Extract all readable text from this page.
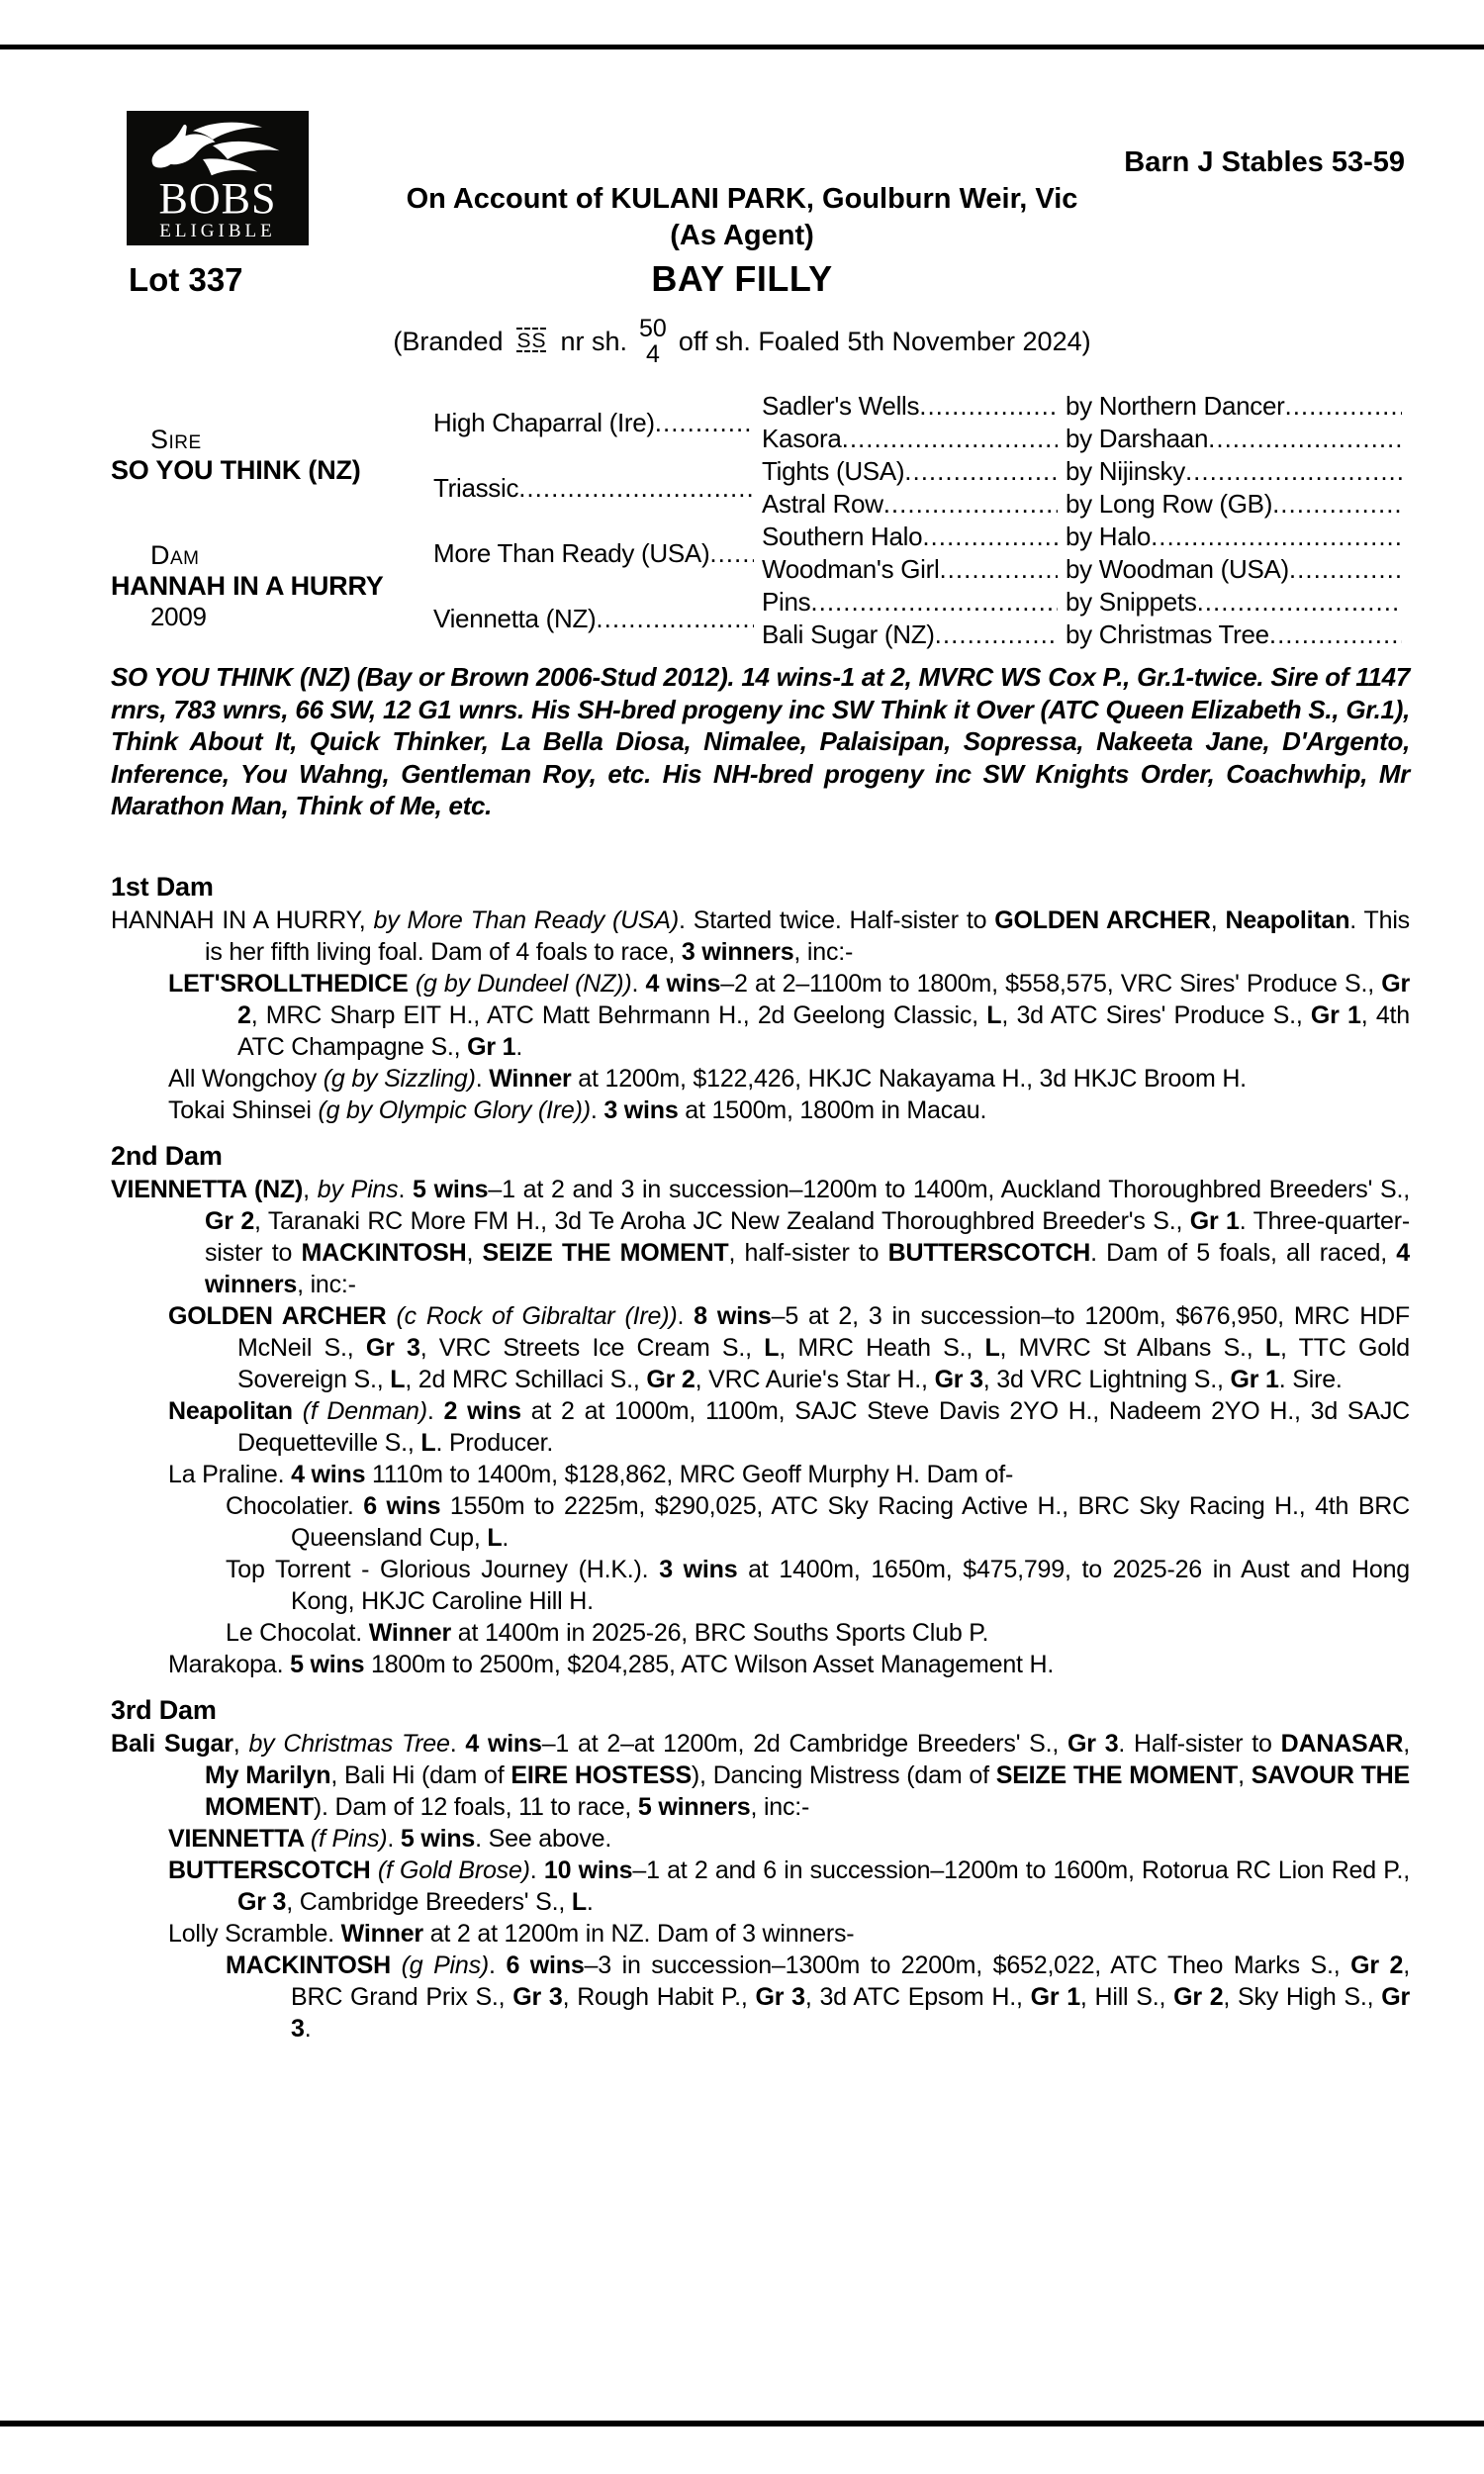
BOBS
ELIGIBLE
Barn J Stables 53-59
On Account of KULANI PARK, Goulburn Weir, Vic
(As Agent)
Lot 337	BAY FILLY
(Branded SS nr sh. 50
4 off sh. Foaled 5th November 2024)
Sire
SO YOU THINK (NZ)
Dam
HANNAH IN A HURRY
2009
High Chaparral (Ire)
.....
Triassic
.....
More Than Ready (USA)
.....
Viennetta (NZ)
.....
Sadler's Wells
.....
Kasora
.....
Tights (USA)
.....
Astral Row
.....
Southern Halo
.....
Woodman's Girl
.....
Pins
.....
Bali Sugar (NZ)
.....
by Northern Dancer
.....
by Darshaan
.....
by Nijinsky
.....
by Long Row (GB)
.....
by Halo
.....
by Woodman (USA)
.....
by Snippets
.....
by Christmas Tree
.....
SO YOU THINK (NZ) (Bay or Brown 2006-Stud 2012). 14 wins-1 at 2, MVRC WS Cox P., Gr.1-twice. Sire of 1147 rnrs, 783 wnrs, 66 SW, 12 G1 wnrs. His SH-bred progeny inc SW Think it Over (ATC Queen Elizabeth S., Gr.1), Think About It, Quick Thinker, La Bella Diosa, Nimalee, Palaisipan, Sopressa, Nakeeta Jane, D'Argento, Inference, You Wahng, Gentleman Roy, etc. His NH-bred progeny inc SW Knights Order, Coachwhip, Mr Marathon Man, Think of Me, etc.
1st Dam
HANNAH IN A HURRY, by More Than Ready (USA). Started twice. Half-sister to GOLDEN ARCHER, Neapolitan. This is her fifth living foal. Dam of 4 foals to race, 3 winners, inc:-
LET'SROLLTHEDICE (g by Dundeel (NZ)). 4 wins–2 at 2–1100m to 1800m, $558,575, VRC Sires' Produce S., Gr 2, MRC Sharp EIT H., ATC Matt Behrmann H., 2d Geelong Classic, L, 3d ATC Sires' Produce S., Gr 1, 4th ATC Champagne S., Gr 1.
All Wongchoy (g by Sizzling). Winner at 1200m, $122,426, HKJC Nakayama H., 3d HKJC Broom H.
Tokai Shinsei (g by Olympic Glory (Ire)). 3 wins at 1500m, 1800m in Macau.
2nd Dam
VIENNETTA (NZ), by Pins. 5 wins–1 at 2 and 3 in succession–1200m to 1400m, Auckland Thoroughbred Breeders' S., Gr 2, Taranaki RC More FM H., 3d Te Aroha JC New Zealand Thoroughbred Breeder's S., Gr 1. Three-quarter-sister to MACKINTOSH, SEIZE THE MOMENT, half-sister to BUTTERSCOTCH. Dam of 5 foals, all raced, 4 winners, inc:-
GOLDEN ARCHER (c Rock of Gibraltar (Ire)). 8 wins–5 at 2, 3 in succession–to 1200m, $676,950, MRC HDF McNeil S., Gr 3, VRC Streets Ice Cream S., L, MRC Heath S., L, MVRC St Albans S., L, TTC Gold Sovereign S., L, 2d MRC Schillaci S., Gr 2, VRC Aurie's Star H., Gr 3, 3d VRC Lightning S., Gr 1. Sire.
Neapolitan (f Denman). 2 wins at 2 at 1000m, 1100m, SAJC Steve Davis 2YO H., Nadeem 2YO H., 3d SAJC Dequetteville S., L. Producer.
La Praline. 4 wins 1110m to 1400m, $128,862, MRC Geoff Murphy H. Dam of-
Chocolatier. 6 wins 1550m to 2225m, $290,025, ATC Sky Racing Active H., BRC Sky Racing H., 4th BRC Queensland Cup, L.
Top Torrent - Glorious Journey (H.K.). 3 wins at 1400m, 1650m, $475,799, to 2025-26 in Aust and Hong Kong, HKJC Caroline Hill H.
Le Chocolat. Winner at 1400m in 2025-26, BRC Souths Sports Club P.
Marakopa. 5 wins 1800m to 2500m, $204,285, ATC Wilson Asset Management H.
3rd Dam
Bali Sugar, by Christmas Tree. 4 wins–1 at 2–at 1200m, 2d Cambridge Breeders' S., Gr 3. Half-sister to DANASAR, My Marilyn, Bali Hi (dam of EIRE HOSTESS), Dancing Mistress (dam of SEIZE THE MOMENT, SAVOUR THE MOMENT). Dam of 12 foals, 11 to race, 5 winners, inc:-
VIENNETTA (f Pins). 5 wins. See above.
BUTTERSCOTCH (f Gold Brose). 10 wins–1 at 2 and 6 in succession–1200m to 1600m, Rotorua RC Lion Red P., Gr 3, Cambridge Breeders' S., L.
Lolly Scramble. Winner at 2 at 1200m in NZ. Dam of 3 winners-
MACKINTOSH (g Pins). 6 wins–3 in succession–1300m to 2200m, $652,022, ATC Theo Marks S., Gr 2, BRC Grand Prix S., Gr 3, Rough Habit P., Gr 3, 3d ATC Epsom H., Gr 1, Hill S., Gr 2, Sky High S., Gr 3.
